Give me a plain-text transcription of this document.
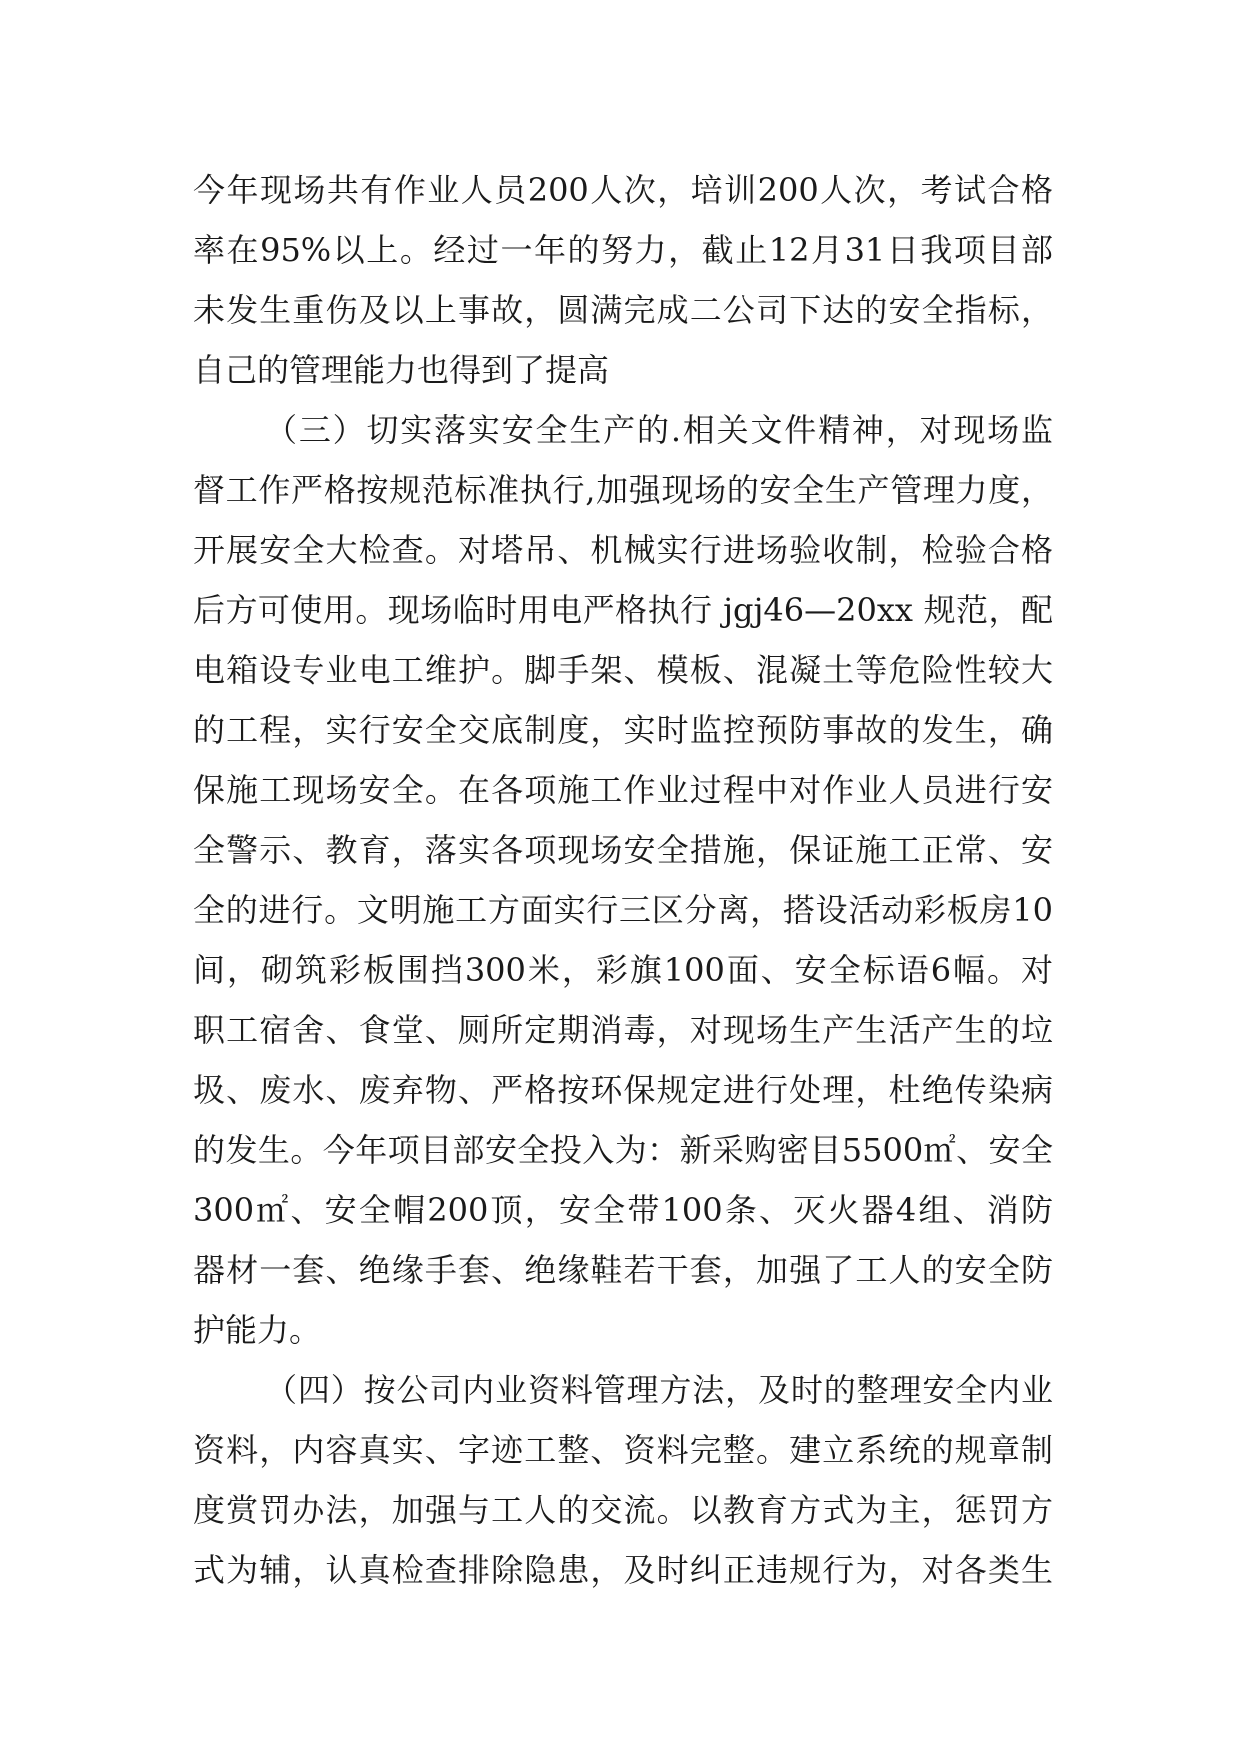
今年现场共有作业人员200人次，培训200人次，考试合格
率在95%以上。经过一年的努力，截止12月31日我项目部
未发生重伤及以上事故，圆满完成二公司下达的安全指标，
自己的管理能力也得到了提高
（三）切实落实安全生产的.相关文件精神，对现场监
督工作严格按规范标准执行,加强现场的安全生产管理力度，
开展安全大检查。对塔吊、机械实行进场验收制，检验合格
后方可使用。现场临时用电严格执行 jgj46—20xx 规范，配
电箱设专业电工维护。脚手架、模板、混凝土等危险性较大
的工程，实行安全交底制度，实时监控预防事故的发生，确
保施工现场安全。在各项施工作业过程中对作业人员进行安
全警示、教育，落实各项现场安全措施，保证施工正常、安
全的进行。文明施工方面实行三区分离，搭设活动彩板房10
间，砌筑彩板围挡300米，彩旗100面、安全标语6幅。对
职工宿舍、食堂、厕所定期消毒，对现场生产生活产生的垃
圾、废水、废弃物、严格按环保规定进行处理，杜绝传染病
的发生。今年项目部安全投入为：新采购密目5500㎡、安全
300㎡、安全帽200顶，安全带100条、灭火器4组、消防
器材一套、绝缘手套、绝缘鞋若干套，加强了工人的安全防
护能力。
（四）按公司内业资料管理方法，及时的整理安全内业
资料，内容真实、字迹工整、资料完整。建立系统的规章制
度赏罚办法，加强与工人的交流。以教育方式为主，惩罚方
式为辅，认真检查排除隐患，及时纠正违规行为，对各类生
